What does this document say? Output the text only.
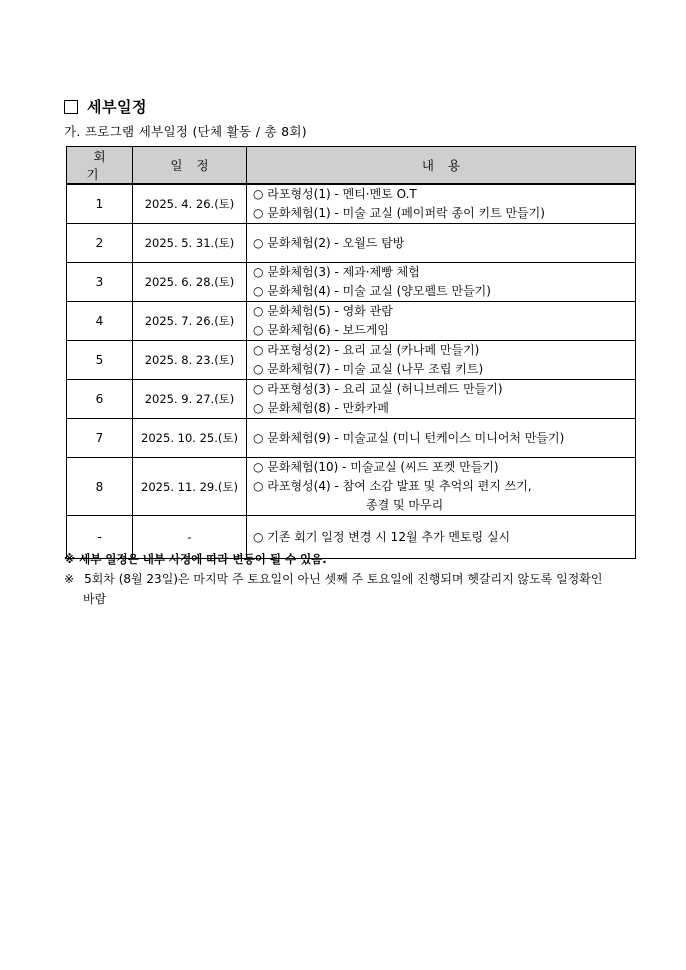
세부일정
가. 프로그램 세부일정 (단체 활동 / 총 8회)
회기	일정	내용
1	2025. 4. 26.(토)	○ 라포형성(1) - 멘티·멘토 O.T
○ 문화체험(1) - 미술 교실 (페이퍼락 종이 키트 만들기)

2	2025. 5. 31.(토)	○ 문화체험(2) - 오월드 탐방

3	2025. 6. 28.(토)	○ 문화체험(3) - 제과·제빵 체험
○ 문화체험(4) - 미술 교실 (양모펠트 만들기)

4	2025. 7. 26.(토)	○ 문화체험(5) - 영화 관람
○ 문화체험(6) - 보드게임

5	2025. 8. 23.(토)	○ 라포형성(2) - 요리 교실 (카나페 만들기)
○ 문화체험(7) - 미술 교실 (나무 조립 키트)

6	2025. 9. 27.(토)	○ 라포형성(3) - 요리 교실 (허니브레드 만들기)
○ 문화체험(8) - 만화카페

7	2025. 10. 25.(토)	○ 문화체험(9) - 미술교실 (미니 턴케이스 미니어처 만들기)

8	2025. 11. 29.(토)	○ 문화체험(10) - 미술교실 (씨드 포켓 만들기)
○ 라포형성(4) - 참여 소감 발표 및 추억의 편지 쓰기,
종결 및 마무리

-	-	○ 기존 회기 일정 변경 시 12월 추가 멘토링 실시
※ 세부 일정은 내부 사정에 따라 변동이 될 수 있음.
※ 5회차 (8월 23일)은 마지막 주 토요일이 아닌 셋째 주 토요일에 진행되며 헷갈리지 않도록 일정확인
바람
